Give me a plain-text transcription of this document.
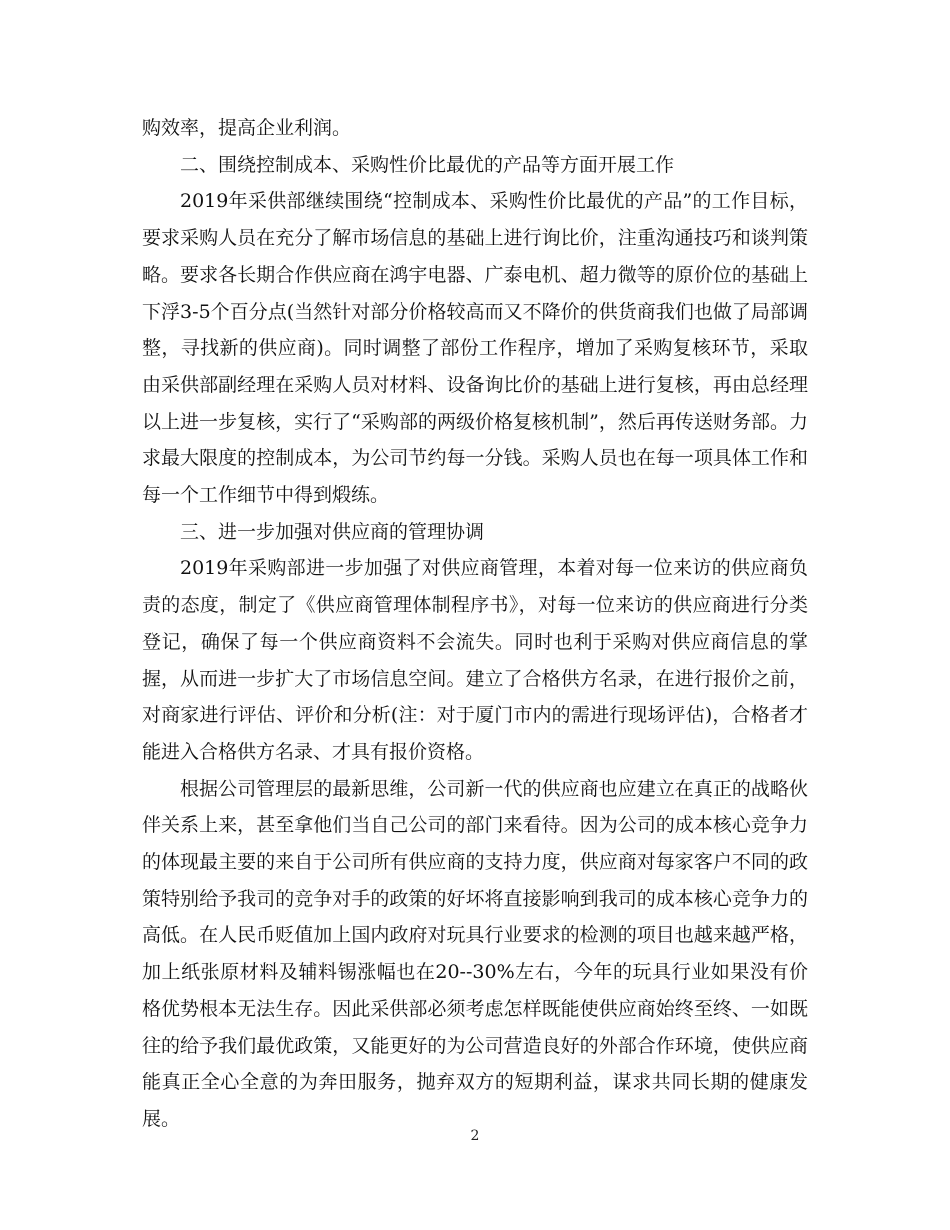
购效率，提高企业利润。

二、围绕控制成本、采购性价比最优的产品等方面开展工作

2019年采供部继续围绕“控制成本、采购性价比最优的产品”的工作目标，要求采购人员在充分了解市场信息的基础上进行询比价，注重沟通技巧和谈判策略。要求各长期合作供应商在鸿宇电器、广泰电机、超力微等的原价位的基础上下浮3-5个百分点(当然针对部分价格较高而又不降价的供货商我们也做了局部调整，寻找新的供应商)。同时调整了部份工作程序，增加了采购复核环节，采取由采供部副经理在采购人员对材料、设备询比价的基础上进行复核，再由总经理以上进一步复核，实行了“采购部的两级价格复核机制”，然后再传送财务部。力求最大限度的控制成本，为公司节约每一分钱。采购人员也在每一项具体工作和每一个工作细节中得到煅练。

三、进一步加强对供应商的管理协调

2019年采购部进一步加强了对供应商管理，本着对每一位来访的供应商负责的态度，制定了《供应商管理体制程序书》，对每一位来访的供应商进行分类登记，确保了每一个供应商资料不会流失。同时也利于采购对供应商信息的掌握，从而进一步扩大了市场信息空间。建立了合格供方名录，在进行报价之前，对商家进行评估、评价和分析(注：对于厦门市内的需进行现场评估)，合格者才能进入合格供方名录、才具有报价资格。

根据公司管理层的最新思维，公司新一代的供应商也应建立在真正的战略伙伴关系上来，甚至拿他们当自己公司的部门来看待。因为公司的成本核心竞争力的体现最主要的来自于公司所有供应商的支持力度，供应商对每家客户不同的政策特别给予我司的竞争对手的政策的好坏将直接影响到我司的成本核心竞争力的高低。在人民币贬值加上国内政府对玩具行业要求的检测的项目也越来越严格，加上纸张原材料及辅料锡涨幅也在20--30%左右，今年的玩具行业如果没有价格优势根本无法生存。因此采供部必须考虑怎样既能使供应商始终至终、一如既往的给予我们最优政策，又能更好的为公司营造良好的外部合作环境，使供应商能真正全心全意的为奔田服务，抛弃双方的短期利益，谋求共同长期的健康发展。

2
